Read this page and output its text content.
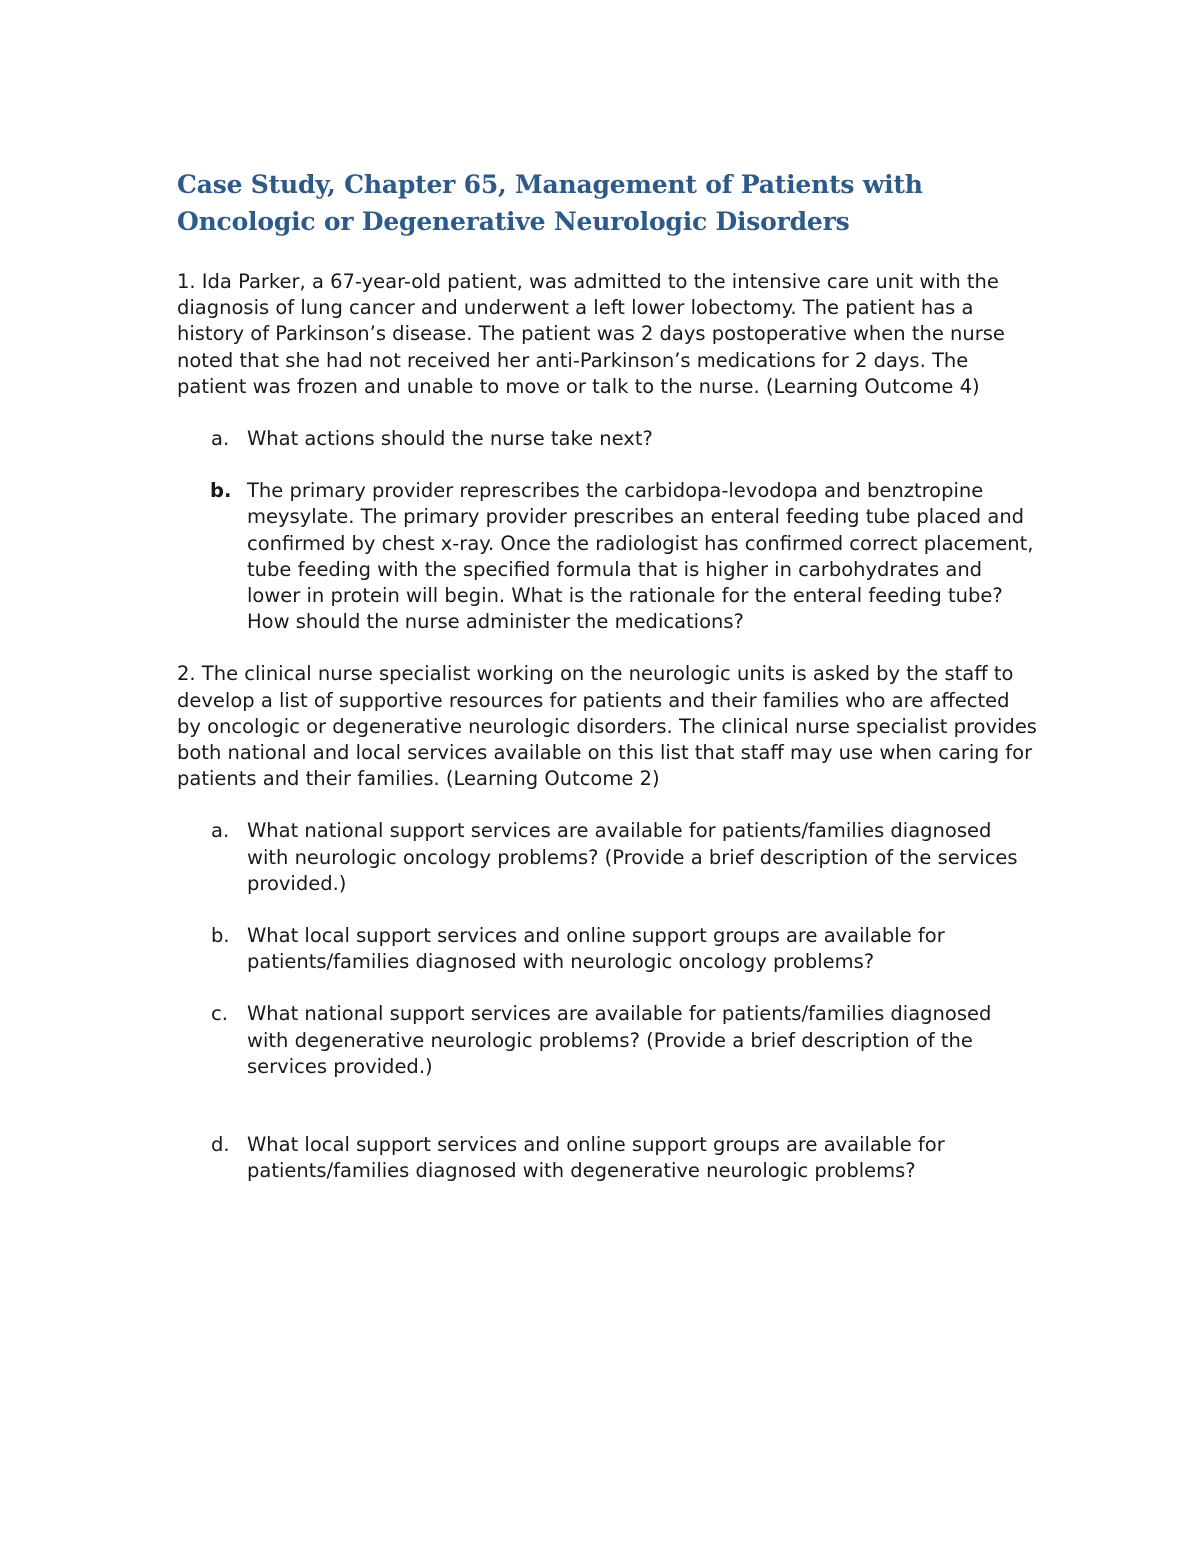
Case Study, Chapter 65, Management of Patients with
Oncologic or Degenerative Neurologic Disorders

1. Ida Parker, a 67-year-old patient, was admitted to the intensive care unit with the diagnosis of lung cancer and underwent a left lower lobectomy. The patient has a history of Parkinson’s disease. The patient was 2 days postoperative when the nurse noted that she had not received her anti-Parkinson’s medications for 2 days. The patient was frozen and unable to move or talk to the nurse. (Learning Outcome 4)

a. What actions should the nurse take next?
b. The primary provider represcribes the carbidopa-levodopa and benztropine meysylate. The primary provider prescribes an enteral feeding tube placed and confirmed by chest x-ray. Once the radiologist has confirmed correct placement, tube feeding with the specified formula that is higher in carbohydrates and lower in protein will begin. What is the rationale for the enteral feeding tube? How should the nurse administer the medications?

2. The clinical nurse specialist working on the neurologic units is asked by the staff to develop a list of supportive resources for patients and their families who are affected by oncologic or degenerative neurologic disorders. The clinical nurse specialist provides both national and local services available on this list that staff may use when caring for patients and their families. (Learning Outcome 2)

a. What national support services are available for patients/families diagnosed with neurologic oncology problems? (Provide a brief description of the services provided.)
b. What local support services and online support groups are available for patients/families diagnosed with neurologic oncology problems?
c. What national support services are available for patients/families diagnosed with degenerative neurologic problems? (Provide a brief description of the services provided.)
d. What local support services and online support groups are available for patients/families diagnosed with degenerative neurologic problems?
